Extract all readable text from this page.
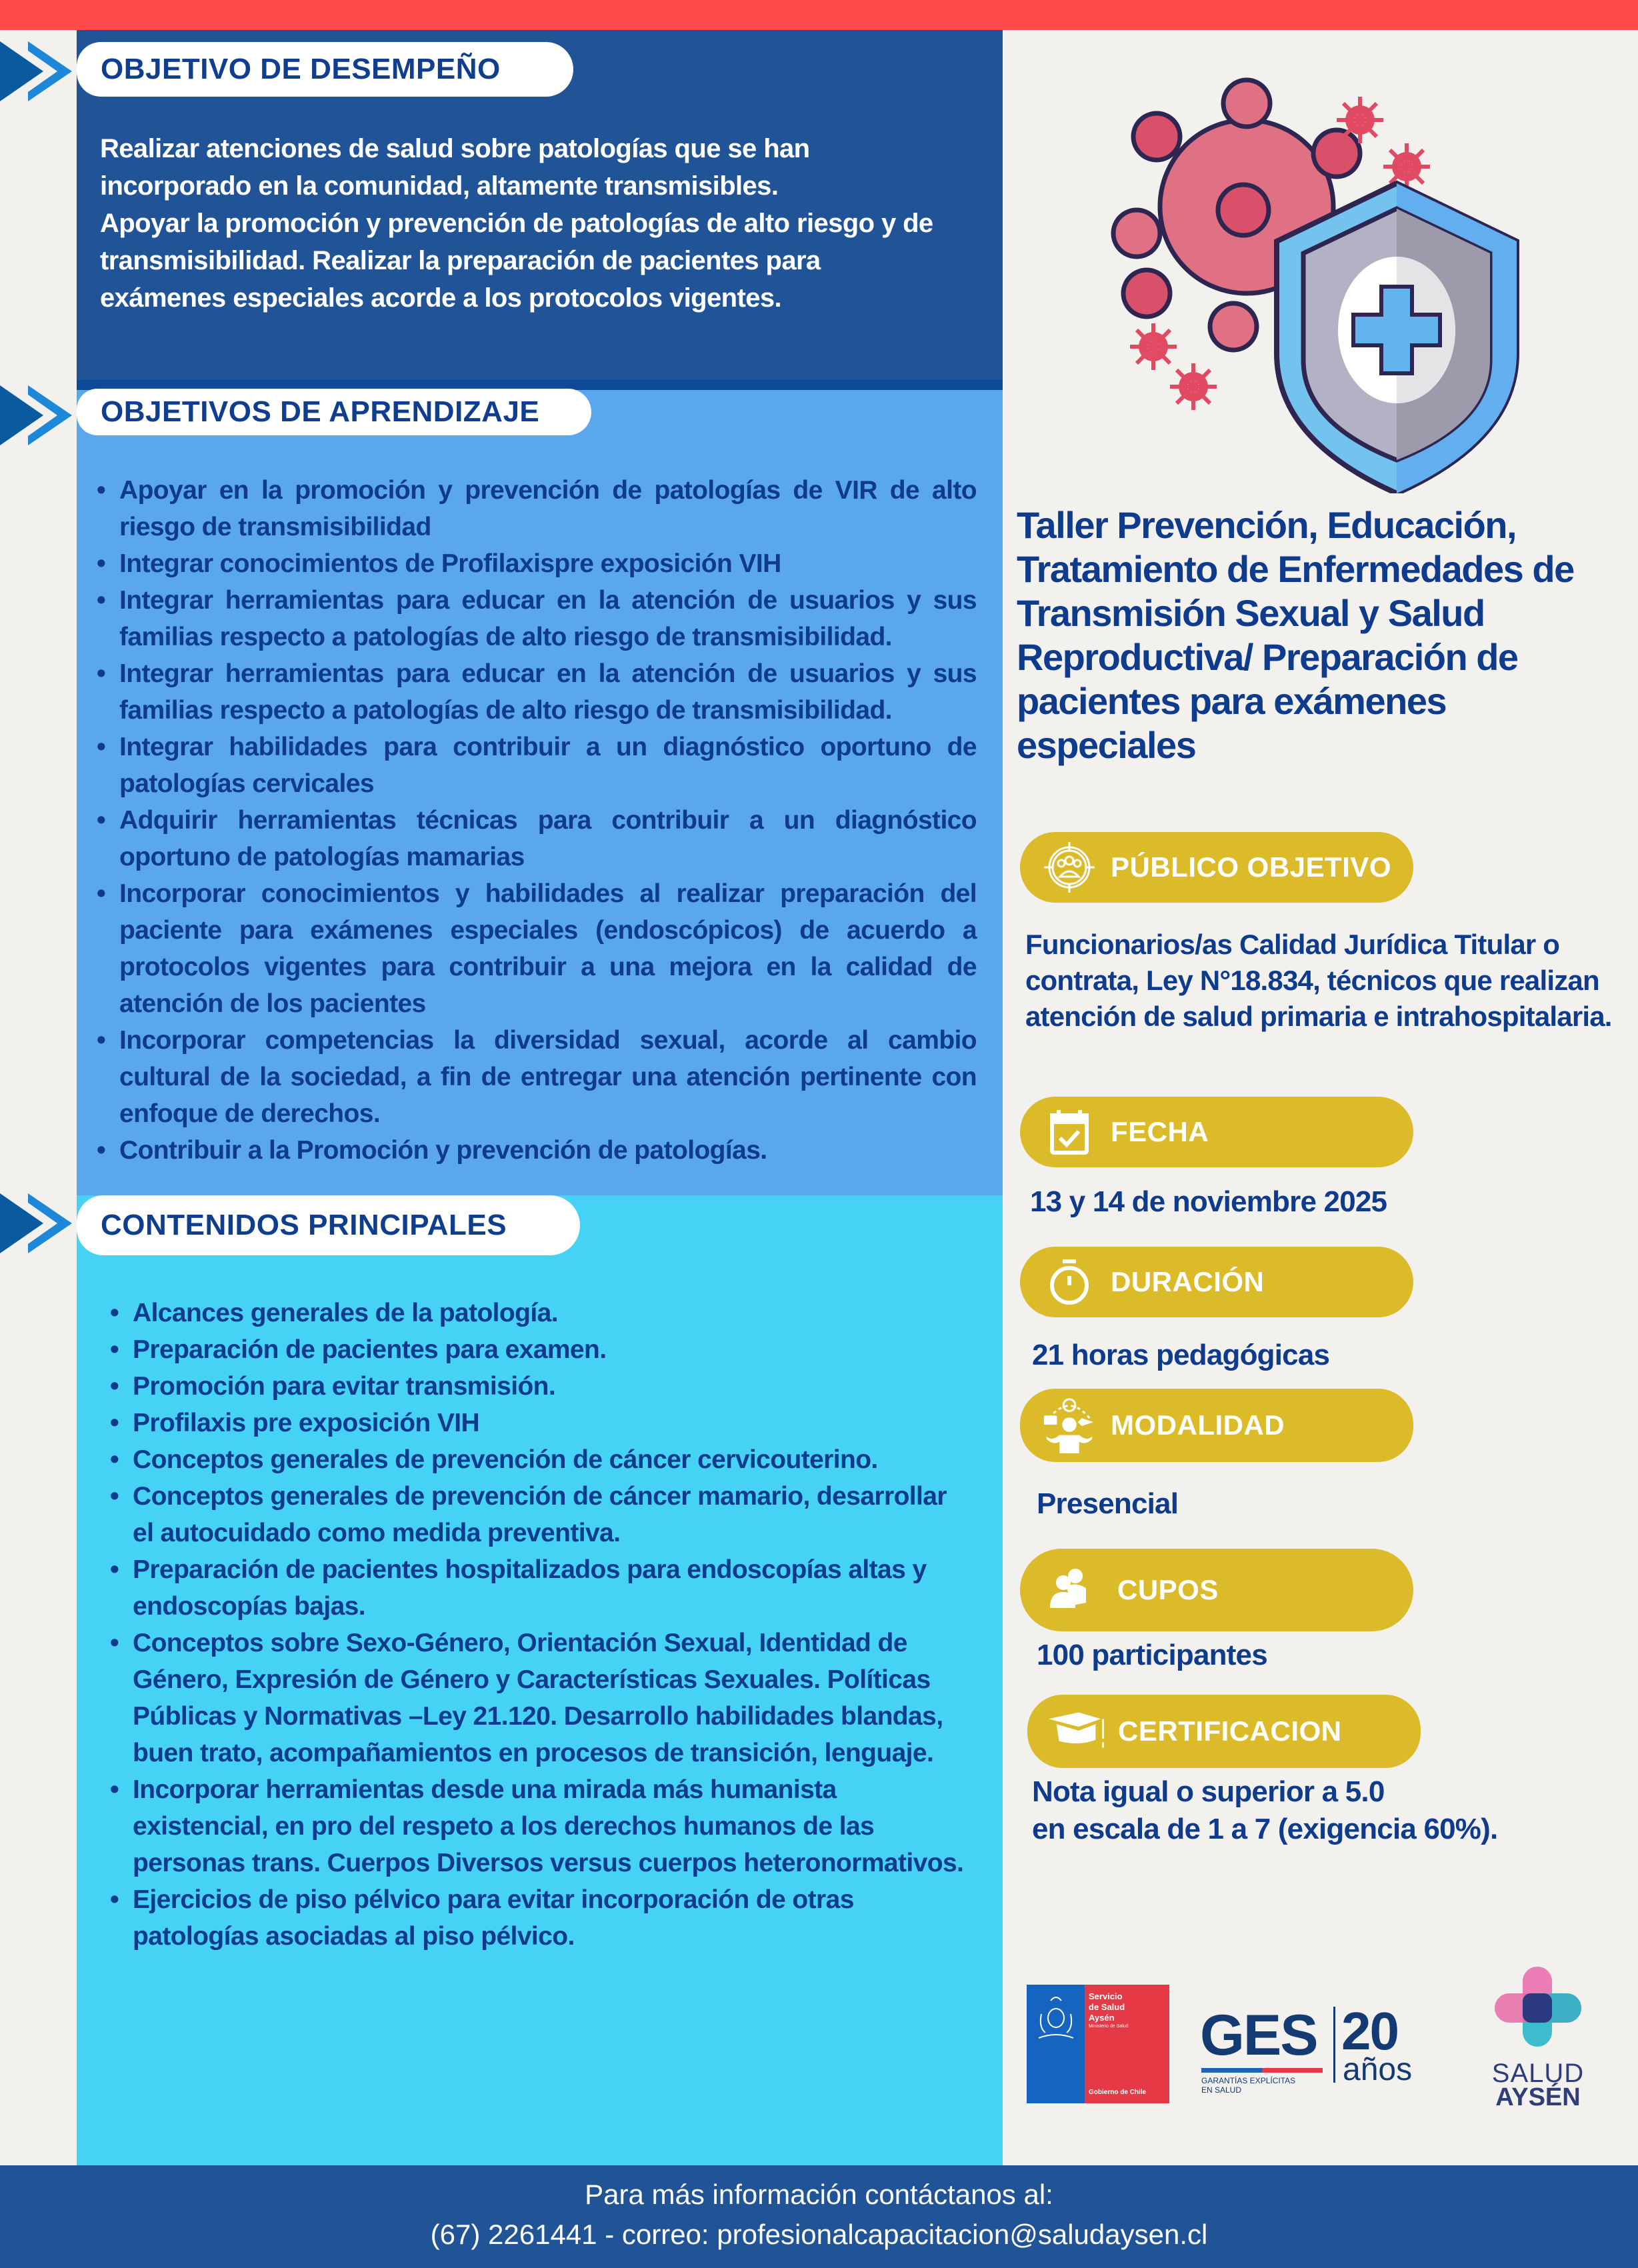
OBJETIVO DE DESEMPEÑO
Realizar atenciones de salud sobre patologías que se han
incorporado en la comunidad, altamente transmisibles.
Apoyar la promoción y prevención de patologías de alto riesgo y de
transmisibilidad. Realizar la preparación de pacientes para
exámenes especiales acorde a los protocolos vigentes.
OBJETIVOS DE APRENDIZAJE
• Apoyar en la promoción y prevención de patologías de VIR de alto riesgo de transmisibilidad
• Integrar conocimientos de Profilaxispre exposición VIH
• Integrar herramientas para educar en la atención de usuarios y sus familias respecto a patologías de alto riesgo de transmisibilidad.
• Integrar herramientas para educar en la atención de usuarios y sus familias respecto a patologías de alto riesgo de transmisibilidad.
• Integrar habilidades para contribuir a un diagnóstico oportuno de patologías cervicales
• Adquirir herramientas técnicas para contribuir a un diagnóstico oportuno de patologías mamarias
• Incorporar conocimientos y habilidades al realizar preparación del paciente para exámenes especiales (endoscópicos) de acuerdo a protocolos vigentes para contribuir a una mejora en la calidad de atención de los pacientes
• Incorporar competencias la diversidad sexual, acorde al cambio cultural de la sociedad, a fin de entregar una atención pertinente con enfoque de derechos.
• Contribuir a la Promoción y prevención de patologías.
CONTENIDOS PRINCIPALES
• Alcances generales de la patología.
• Preparación de pacientes para examen.
• Promoción para evitar transmisión.
• Profilaxis pre exposición VIH
• Conceptos generales de prevención de cáncer cervicouterino.
• Conceptos generales de prevención de cáncer mamario, desarrollar el autocuidado como medida preventiva.
• Preparación de pacientes hospitalizados para endoscopías altas y endoscopías bajas.
• Conceptos sobre Sexo-Género, Orientación Sexual, Identidad de Género, Expresión de Género y Características Sexuales. Políticas Públicas y Normativas –Ley 21.120. Desarrollo habilidades blandas, buen trato, acompañamientos en procesos de transición, lenguaje.
• Incorporar herramientas desde una mirada más humanista existencial, en pro del respeto a los derechos humanos de las personas trans. Cuerpos Diversos versus cuerpos heteronormativos.
• Ejercicios de piso pélvico para evitar incorporación de otras patologías asociadas al piso pélvico.
Taller Prevención, Educación, Tratamiento de Enfermedades de Transmisión Sexual y Salud Reproductiva/ Preparación de pacientes para exámenes especiales
PÚBLICO OBJETIVO
Funcionarios/as Calidad Jurídica Titular o contrata, Ley N°18.834, técnicos que realizan atención de salud primaria e intrahospitalaria.
FECHA
13 y 14 de noviembre 2025
DURACIÓN
21 horas pedagógicas
MODALIDAD
Presencial
CUPOS
100 participantes
CERTIFICACION
Nota igual o superior a 5.0
en escala de 1 a 7 (exigencia 60%).
Servicio
de Salud
Aysén
Ministerio de Salud
Gobierno de Chile
GES
GARANTÍAS EXPLÍCITAS
EN SALUD
20
años	SALUD
AYSÉN
Para más información contáctanos al:
(67) 2261441 - correo: profesionalcapacitacion@saludaysen.cl
